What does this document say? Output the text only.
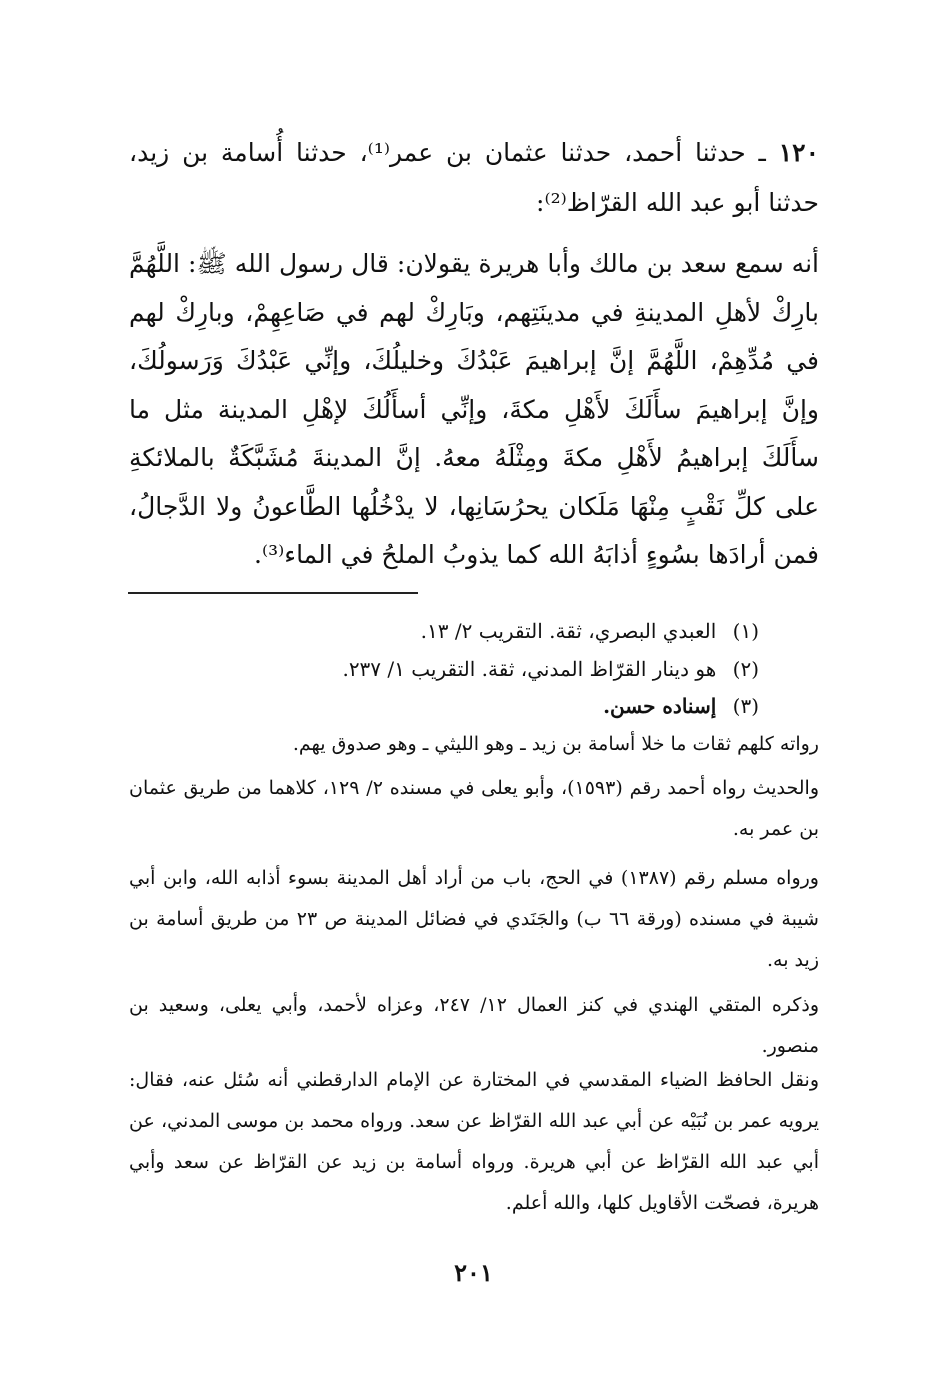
١٢٠ ـ حدثنا أحمد، حدثنا عثمان بن عمر⁽¹⁾، حدثنا أُسامة بن زيد، حدثنا أبو عبد الله القرّاظ⁽²⁾:

أنه سمع سعد بن مالك وأبا هريرة يقولان: قال رسول الله ﷺ: اللَّهُمَّ بارِكْ لأهلِ المدينةِ في مدينَتِهم، وبَارِكْ لهم في صَاعِهِمْ، وبارِكْ لهم في مُدِّهِمْ، اللَّهُمَّ إنَّ إبراهيمَ عَبْدُكَ وخليلُكَ، وإنِّي عَبْدُكَ وَرَسولُكَ، وإنَّ إبراهيمَ سأَلَكَ لأَهْلِ مكةَ، وإنِّي أسأَلُكَ لإهْلِ المدينة مثل ما سأَلَكَ إبراهيمُ لأَهْلِ مكةَ ومِثْلَهُ معهُ. إنَّ المدينةَ مُشَبَّكَةٌ بالملائكةِ على كلِّ نَقْبٍ مِنْهَا مَلَكان يحرُسَانِها، لا يدْخُلُها الطَّاعونُ ولا الدَّجالُ، فمن أرادَها بسُوءٍ أذابَهُ الله كما يذوبُ الملحُ في الماء⁽³⁾.

(١) العبدي البصري، ثقة. التقريب ٢/ ١٣.

(٢) هو دينار القرّاظ المدني، ثقة. التقريب ١/ ٢٣٧.

(٣) إسناده حسن.

رواته كلهم ثقات ما خلا أسامة بن زيد ـ وهو الليثي ـ وهو صدوق يهم.

والحديث رواه أحمد رقم (١٥٩٣)، وأبو يعلى في مسنده ٢/ ١٢٩، كلاهما من طريق عثمان بن عمر به.

ورواه مسلم رقم (١٣٨٧) في الحج، باب من أراد أهل المدينة بسوء أذابه الله، وابن أبي شيبة في مسنده (ورقة ٦٦ ب) والجَنَدي في فضائل المدينة ص ٢٣ من طريق أسامة بن زيد به.

وذكره المتقي الهندي في كنز العمال ١٢/ ٢٤٧، وعزاه لأحمد، وأبي يعلى، وسعيد بن منصور.

ونقل الحافظ الضياء المقدسي في المختارة عن الإمام الدارقطني أنه سُئل عنه، فقال: يرويه عمر بن نُبَيْه عن أبي عبد الله القرّاظ عن سعد. ورواه محمد بن موسى المدني، عن أبي عبد الله القرّاظ عن أبي هريرة. ورواه أسامة بن زيد عن القرّاظ عن سعد وأبي هريرة، فصحّت الأقاويل كلها، والله أعلم.

٢٠١
